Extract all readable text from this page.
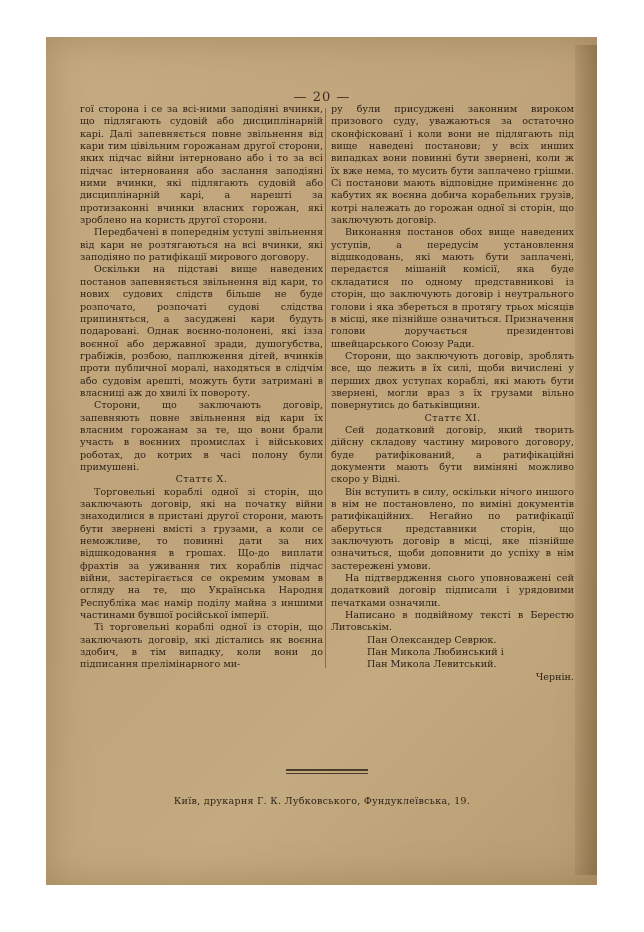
— 20 —

гої сторона і се за всі-ними заподіяні вчинки, що підлягають судовій або дисциплінарній карі. Далі запевняється повне звільнення від кари тим цівільним горожанам другої сторони, яких підчас війни інтерновано або і то за всі підчас інтерновання або заслання заподіяні ними вчинки, які підлягають судовій або дисциплінарній карі, а нарешті за протизаконні вчинки власних горожан, які зроблено на користь другої сторони.

Передбачені в попереднім уступі звільнення від кари не розтягаються на всі вчинки, які заподіяно по ратифікації мирового договору.

Оскільки на підставі вище наведених постанов запевняється звільнення від кари, то нових судових слідств більше не буде розпочато, розпочаті судові слідства припиняться, а засуджені кари будуть подаровані. Однак воєнно-полонені, які ізза воєнної або державної зради, душогубства, грабіжів, розбою, паплюження дітей, вчинків проти публичної моралі, находяться в слідчім або судовім арешті, можуть бути затримані в власниці аж до хвилі їх повороту.

Сторони, що заключають договір, запевняють повне звільнення від кари їх власним горожанам за те, що вони брали участь в воєнних промислах і військових роботах, до котрих в часі полону були примушені.

Статтє X.

Торговельні кораблі одної зі сторін, що заключають договір, які на початку війни знаходилися в пристані другої сторони, мають бути звернені вмісті з грузами, а коли се неможливе, то повинні дати за них відшкодовання в грошах. Що-до виплати фрахтів за уживання тих кораблів підчас війни, застерігається се окремим умовам в огляду на те, що Українська Народня Республіка має намір поділу майна з иншими частинами бувшої російської імперії.

Ті торговельні кораблі одної із сторін, що заключають договір, які дістались як воєнна здобич, в тім випадку, коли вони до підписання прелімінарного ми-

ру були присуджені законним вироком призового суду, уважаються за остаточно сконфіскованї і коли вони не підлягають під вище наведені постанови; у всіх инших випадках вони повинні бути звернені, коли ж їх вже нема, то мусить бути заплачено грішми. Сі постанови мають відповідне приміненнє до кабутих як воєнна добича корабельних грузів, котрі належать до горожан одної зі сторін, що заключують договір.

Виконання постанов обох вище наведених уступів, а передусім установлення відшкодовань, які мають бути заплачені, передаєтся мішаній комісії, яка буде складатися по одному представникові із сторін, що заключують договір і неутрального голови і яка збереться в протягу трьох місяців в місці, яке пізнійше означиться. Призначення голови доручається президентові швейцарського Союзу Ради.

Сторони, що заключують договір, зроблять все, що лежить в їх силі, щоби вичислені у перших двох уступах кораблі, які мають бути звернені, могли враз з їх грузами вільно повернутись до батьківщини.

Статтє XI.

Сей додатковий договір, який творить дійсну складову частину мирового договору, буде ратифікований, а ратифікаційні документи мають бути виміняні можливо скоро у Відні.

Він вступить в силу, оскільки нічого иншого в нім не постановлено, по виміні документів ратифікаційних. Негайно по ратифікації аберуться представники сторін, що заключують договір в місці, яке пізнійше означиться, щоби доповнити до успіху в нім застережені умови.

На підтвердження сього уповноважені сей додатковий договір підписали і урядовими печатками означили.

Написано в подвійному тексті в Берестю Литовськім.

Пан Олександер Севрюк.

Пан Микола Любинський і

Пан Микола Левитський.

Чернін.

Київ, друкарня Г. К. Лубковського, Фундуклеївська, 19.
